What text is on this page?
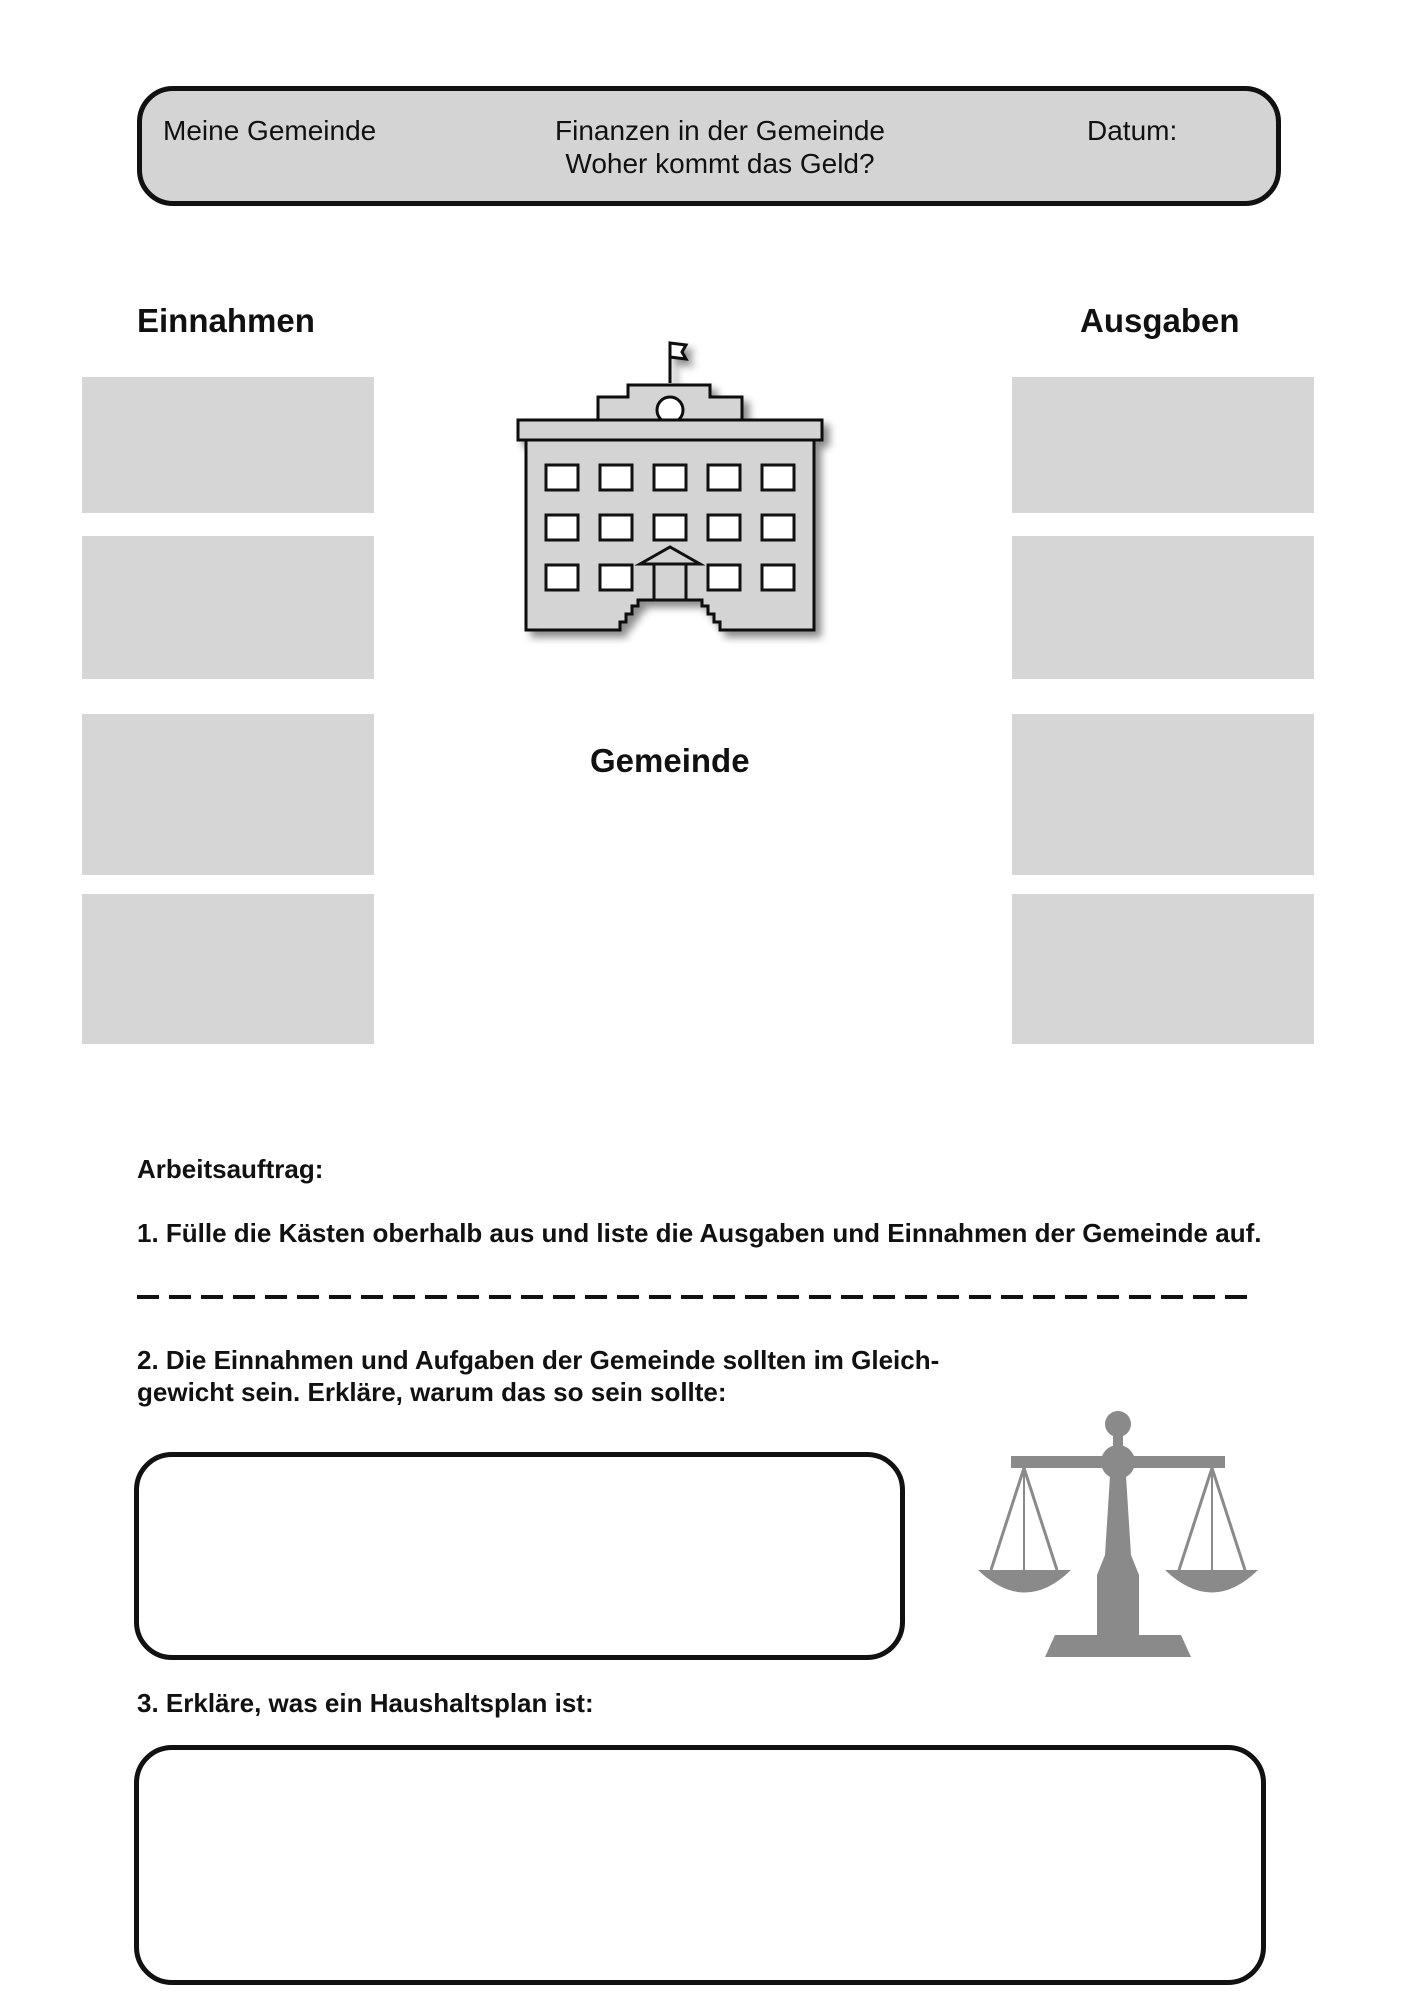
Meine Gemeinde	Finanzen in der Gemeinde
Woher kommt das Geld?
Datum:
Einnahmen	Ausgaben
Gemeinde
Arbeitsauftrag:
1. Fülle die Kästen oberhalb aus und liste die Ausgaben und Einnahmen der Gemeinde auf.
2. Die Einnahmen und Aufgaben der Gemeinde sollten im Gleich-
gewicht sein. Erkläre, warum das so sein sollte:
3. Erkläre, was ein Haushaltsplan ist:
